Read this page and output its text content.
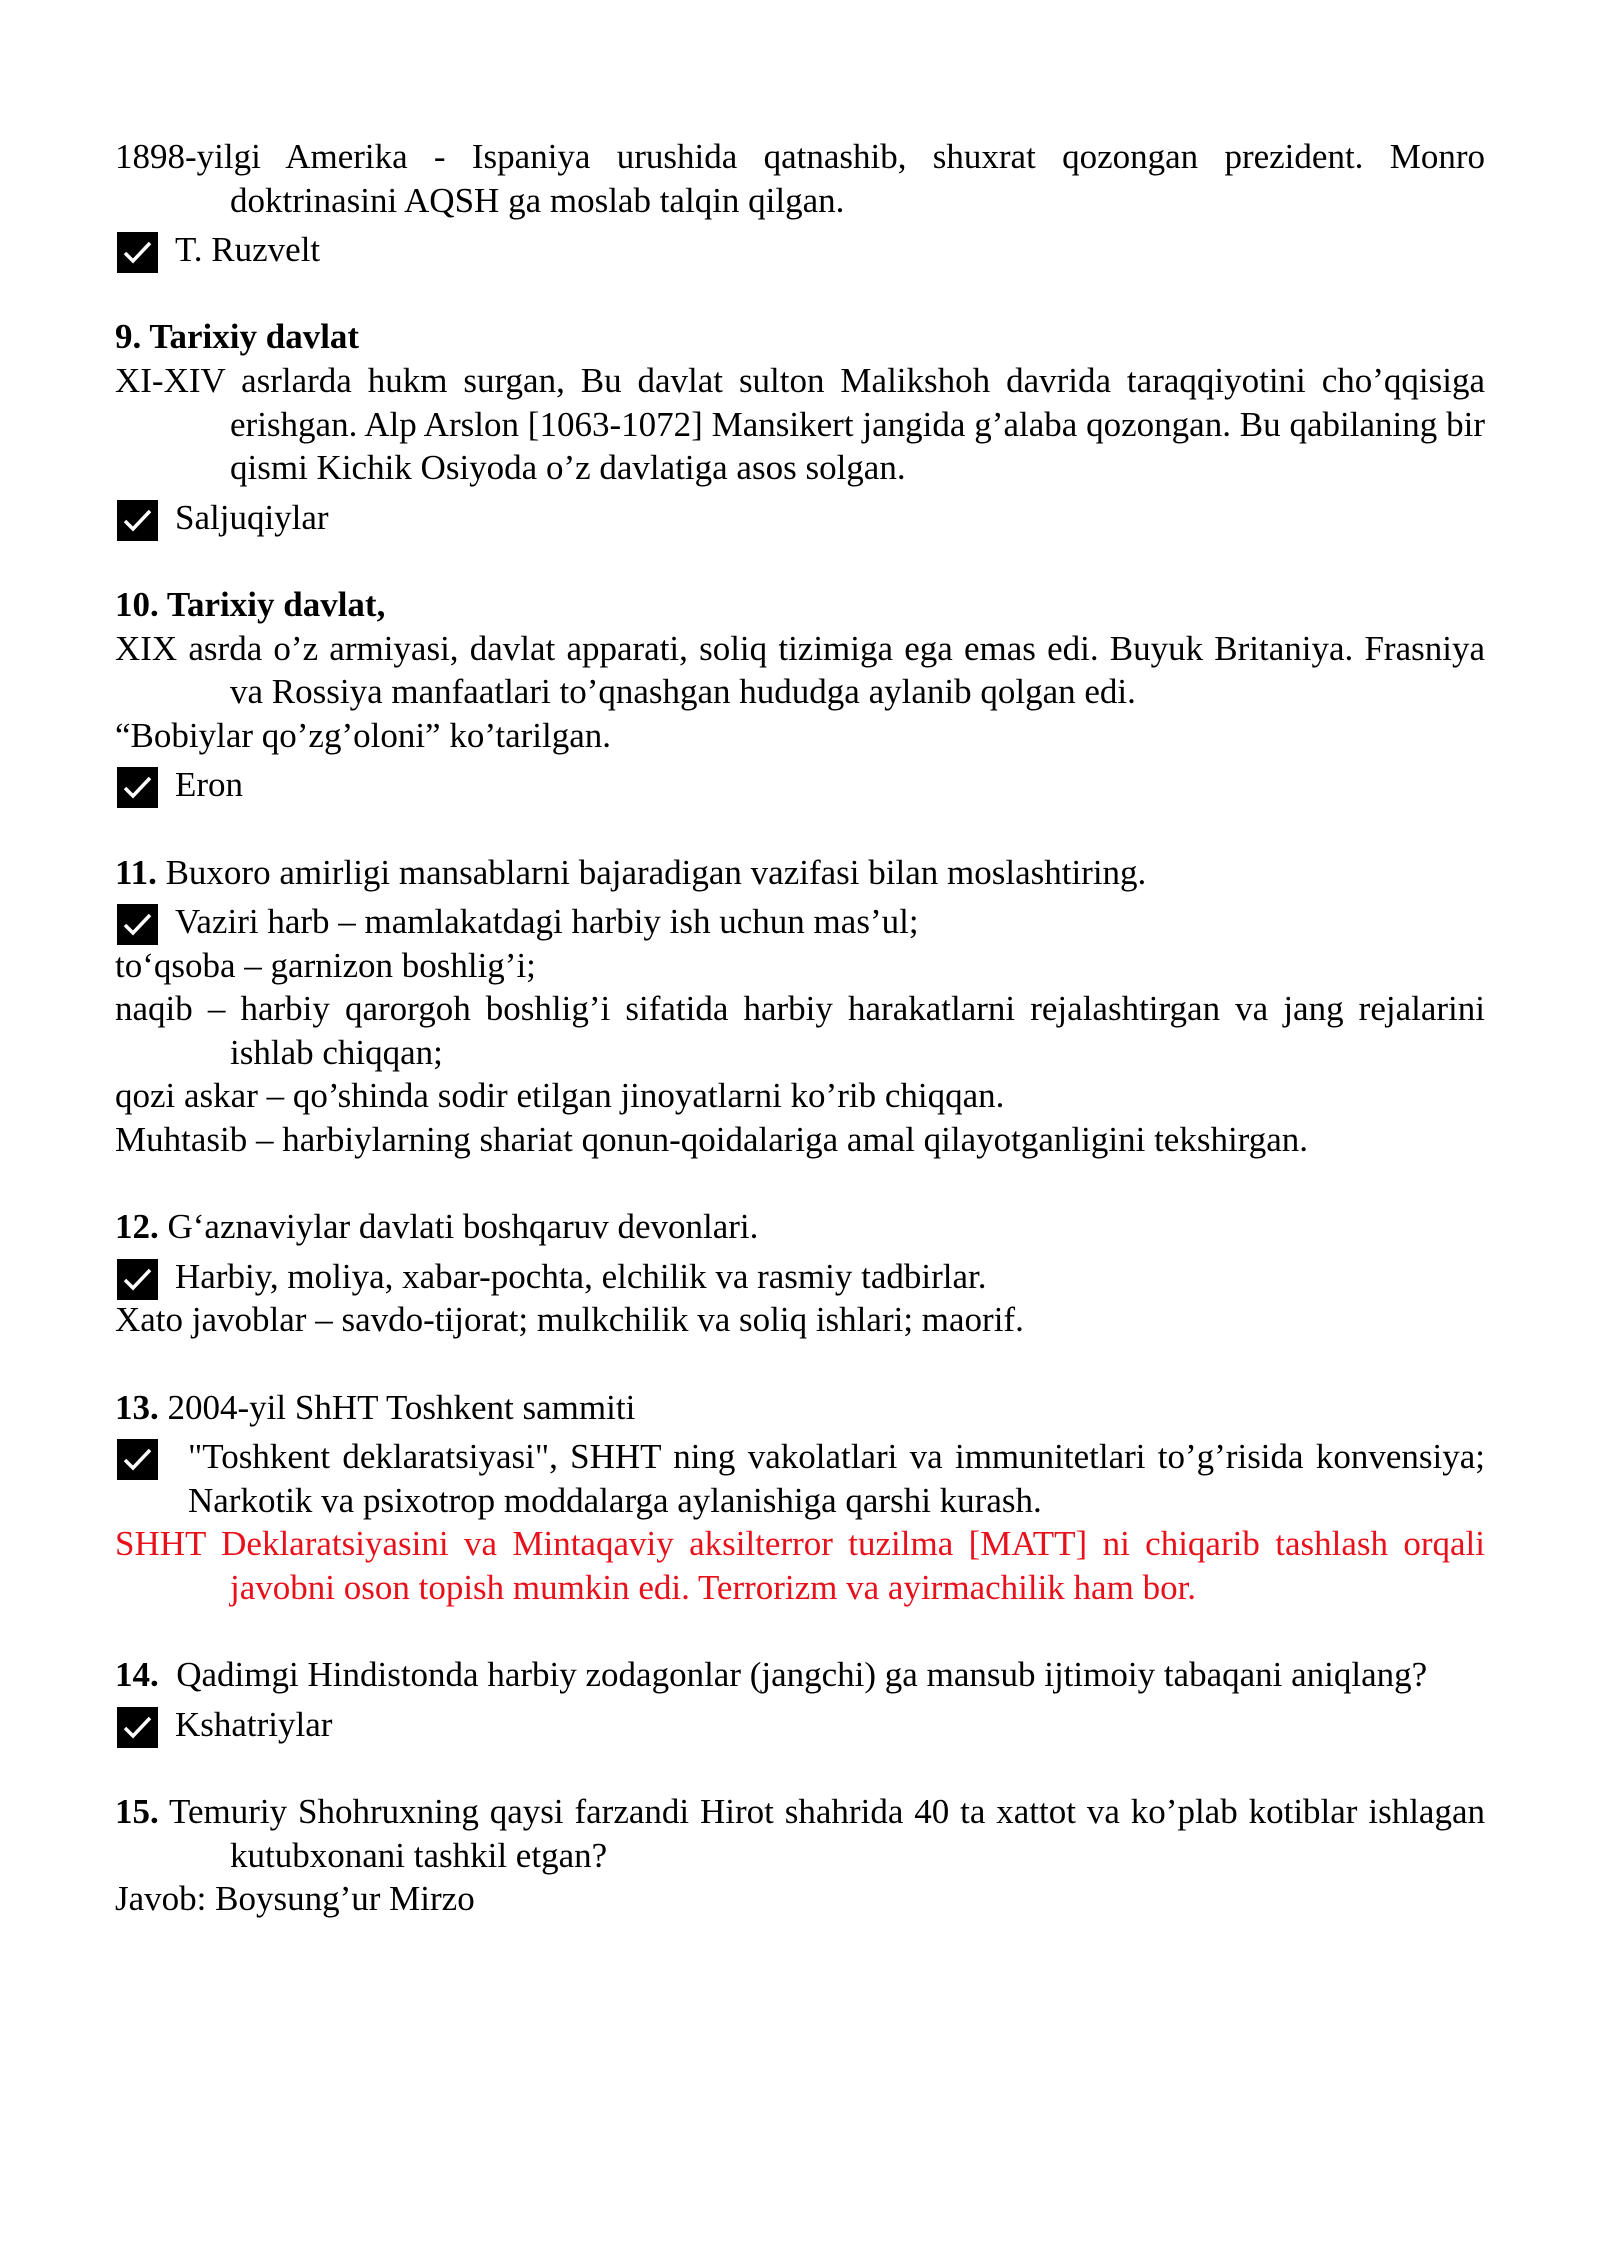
1898-yilgi Amerika - Ispaniya urushida qatnashib, shuxrat qozongan prezident. Monro doktrinasini AQSH ga moslab talqin qilgan.

T. Ruzvelt

9. Tarixiy davlat

XI-XIV asrlarda hukm surgan, Bu davlat sulton Malikshoh davrida taraqqiyotini cho’qqisiga erishgan. Alp Arslon [1063-1072] Mansikert jangida g’alaba qozongan. Bu qabilaning bir qismi Kichik Osiyoda o’z davlatiga asos solgan.

Saljuqiylar

10. Tarixiy davlat,

XIX asrda o’z armiyasi, davlat apparati, soliq tizimiga ega emas edi. Buyuk Britaniya. Frasniya va Rossiya manfaatlari to’qnashgan hududga aylanib qolgan edi.

“Bobiylar qo’zg’oloni” ko’tarilgan.

Eron

11. Buxoro amirligi mansablarni bajaradigan vazifasi bilan moslashtiring.

Vaziri harb – mamlakatdagi harbiy ish uchun mas’ul;

to‘qsoba – garnizon boshlig’i;

naqib – harbiy qarorgoh boshlig’i sifatida harbiy harakatlarni rejalashtirgan va jang rejalarini ishlab chiqqan;

qozi askar – qo’shinda sodir etilgan jinoyatlarni ko’rib chiqqan.

Muhtasib – harbiylarning shariat qonun-qoidalariga amal qilayotganligini tekshirgan.

12. G‘aznaviylar davlati boshqaruv devonlari.

Harbiy, moliya, xabar-pochta, elchilik va rasmiy tadbirlar.

Xato javoblar – savdo-tijorat; mulkchilik va soliq ishlari; maorif.

13. 2004-yil ShHT Toshkent sammiti

"Toshkent deklaratsiyasi", SHHT ning vakolatlari va immunitetlari to’g’risida konvensiya; Narkotik va psixotrop moddalarga aylanishiga qarshi kurash.

SHHT Deklaratsiyasini va Mintaqaviy aksilterror tuzilma [MATT] ni chiqarib tashlash orqali javobni oson topish mumkin edi. Terrorizm va ayirmachilik ham bor.

14. Qadimgi Hindistonda harbiy zodagonlar (jangchi) ga mansub ijtimoiy tabaqani aniqlang?

Kshatriylar

15. Temuriy Shohruxning qaysi farzandi Hirot shahrida 40 ta xattot va ko’plab kotiblar ishlagan kutubxonani tashkil etgan?

Javob: Boysung’ur Mirzo
